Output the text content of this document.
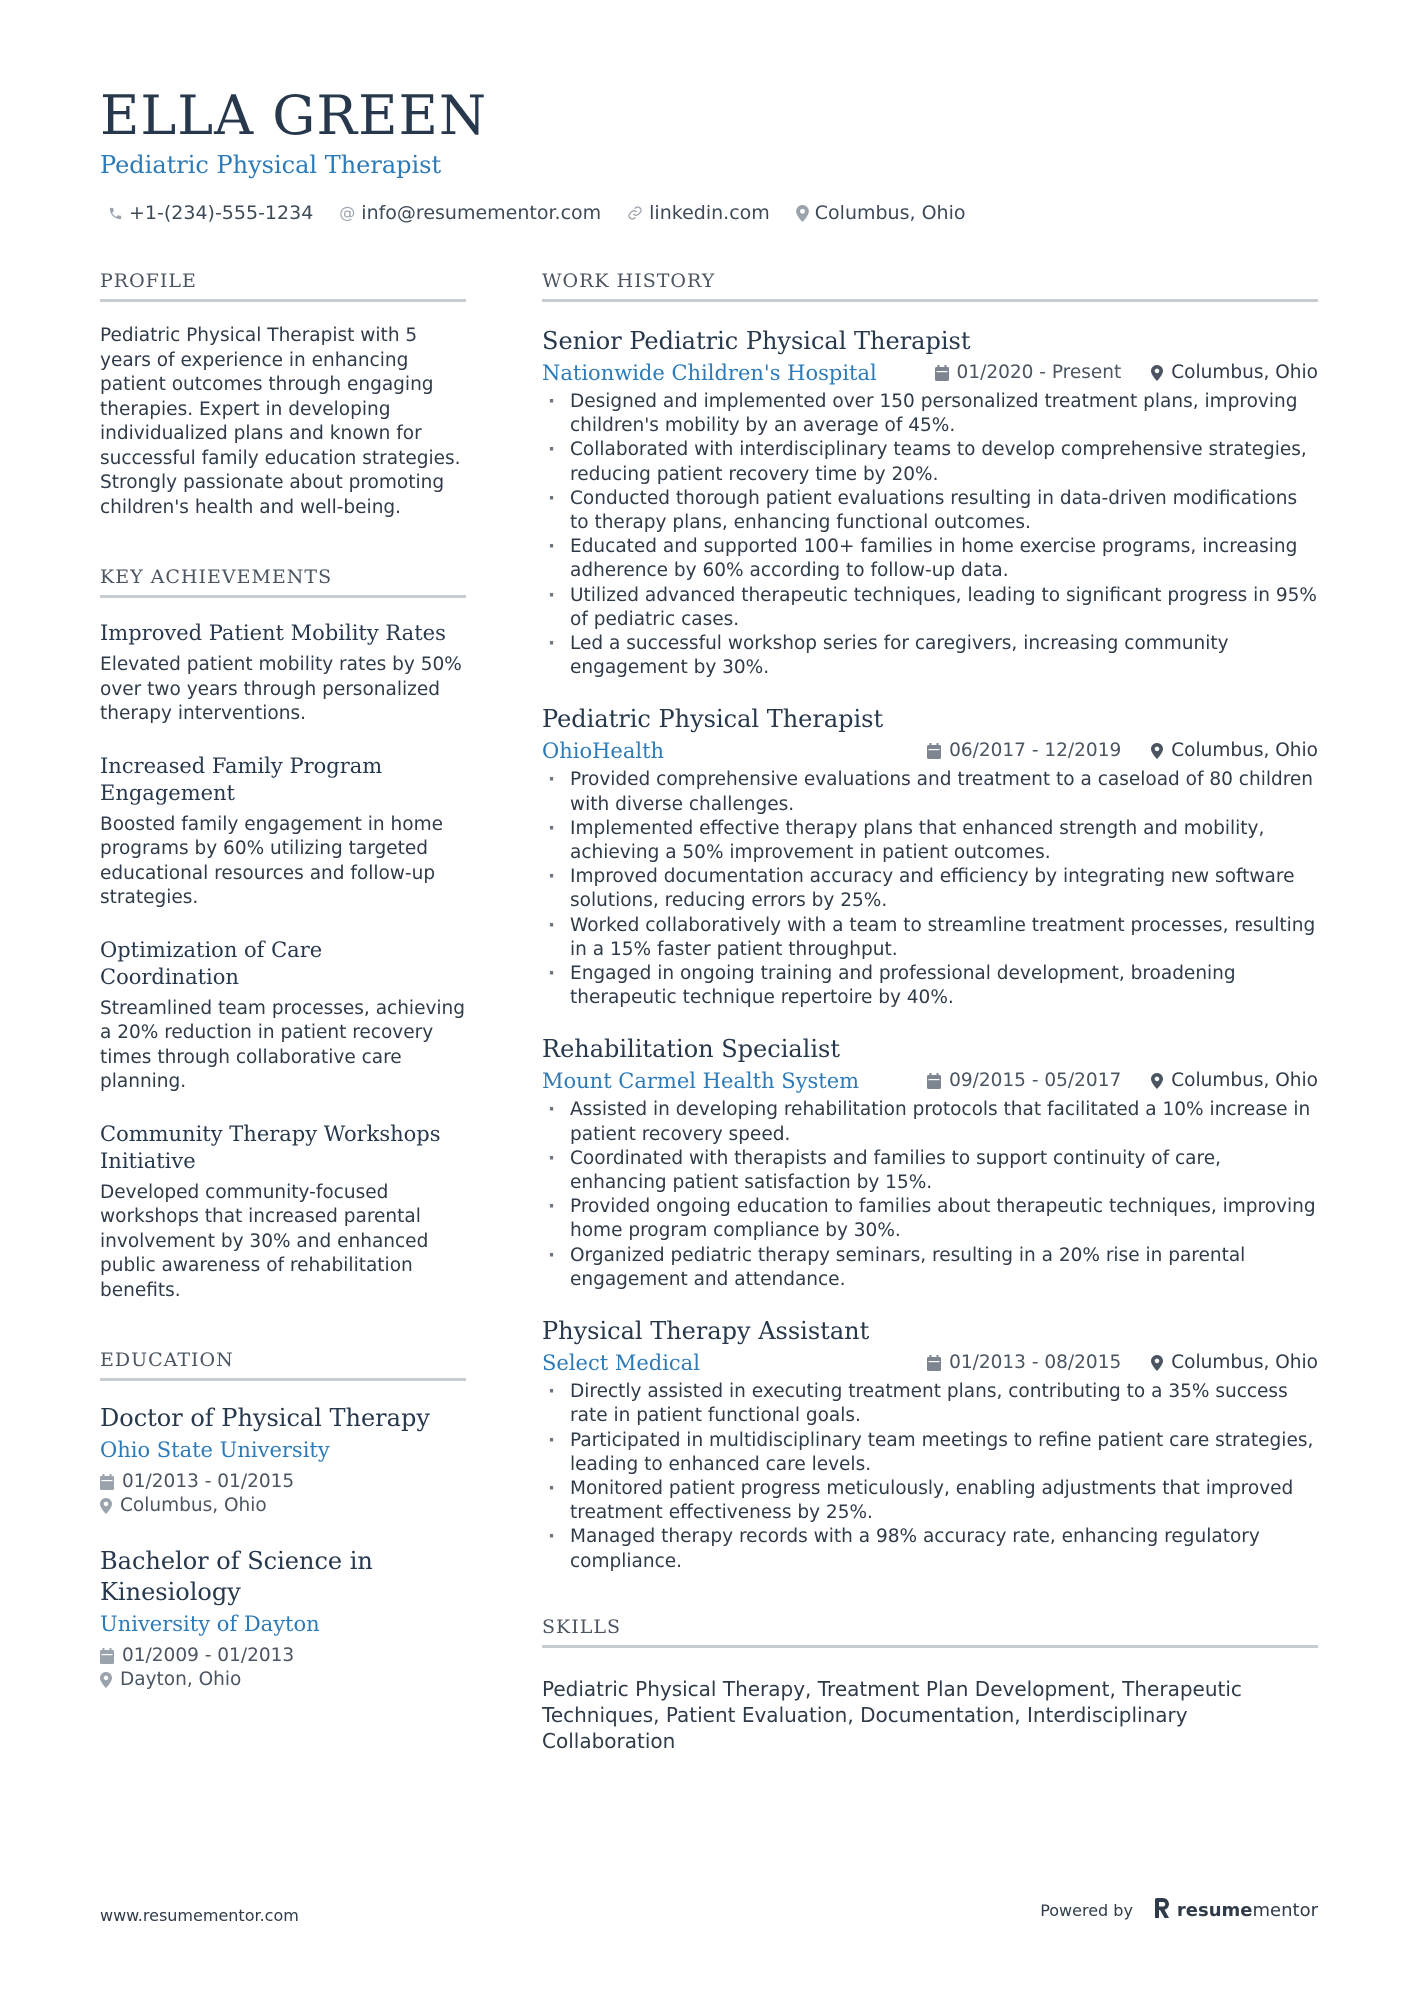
ELLA GREEN
Pediatric Physical Therapist
+1-(234)-555-1234 @ info@resumementor.com	linkedin.com Columbus, Ohio
PROFILE

Pediatric Physical Therapist with 5 years of experience in enhancing patient outcomes through engaging therapies. Expert in developing individualized plans and known for successful family education strategies. Strongly passionate about promoting children's health and well-being.

KEY ACHIEVEMENTS
Improved Patient Mobility Rates

Elevated patient mobility rates by 50% over two years through personalized therapy interventions.

Increased Family Program Engagement

Boosted family engagement in home programs by 60% utilizing targeted educational resources and follow-up strategies.

Optimization of Care Coordination

Streamlined team processes, achieving a 20% reduction in patient recovery times through collaborative care planning.

Community Therapy Workshops Initiative

Developed community-focused workshops that increased parental involvement by 30% and enhanced public awareness of rehabilitation benefits.

EDUCATION
Doctor of Physical Therapy
Ohio State University
01/2013 - 01/2015
Columbus, Ohio
Bachelor of Science in Kinesiology
University of Dayton
01/2009 - 01/2013
Dayton, Ohio
WORK HISTORY
Senior Pediatric Physical Therapist
Nationwide Children's Hospital	01/2020 - Present	Columbus, Ohio
· Designed and implemented over 150 personalized treatment plans, improving children's mobility by an average of 45%.
· Collaborated with interdisciplinary teams to develop comprehensive strategies, reducing patient recovery time by 20%.
· Conducted thorough patient evaluations resulting in data-driven modifications to therapy plans, enhancing functional outcomes.
· Educated and supported 100+ families in home exercise programs, increasing adherence by 60% according to follow-up data.
· Utilized advanced therapeutic techniques, leading to significant progress in 95% of pediatric cases.
· Led a successful workshop series for caregivers, increasing community engagement by 30%.
Pediatric Physical Therapist
OhioHealth	06/2017 - 12/2019	Columbus, Ohio
· Provided comprehensive evaluations and treatment to a caseload of 80 children with diverse challenges.
· Implemented effective therapy plans that enhanced strength and mobility, achieving a 50% improvement in patient outcomes.
· Improved documentation accuracy and efficiency by integrating new software solutions, reducing errors by 25%.
· Worked collaboratively with a team to streamline treatment processes, resulting in a 15% faster patient throughput.
· Engaged in ongoing training and professional development, broadening therapeutic technique repertoire by 40%.
Rehabilitation Specialist
Mount Carmel Health System	09/2015 - 05/2017	Columbus, Ohio
· Assisted in developing rehabilitation protocols that facilitated a 10% increase in patient recovery speed.
· Coordinated with therapists and families to support continuity of care, enhancing patient satisfaction by 15%.
· Provided ongoing education to families about therapeutic techniques, improving home program compliance by 30%.
· Organized pediatric therapy seminars, resulting in a 20% rise in parental engagement and attendance.
Physical Therapy Assistant
Select Medical	01/2013 - 08/2015	Columbus, Ohio
· Directly assisted in executing treatment plans, contributing to a 35% success rate in patient functional goals.
· Participated in multidisciplinary team meetings to refine patient care strategies, leading to enhanced care levels.
· Monitored patient progress meticulously, enabling adjustments that improved treatment effectiveness by 25%.
· Managed therapy records with a 98% accuracy rate, enhancing regulatory compliance.
SKILLS

Pediatric Physical Therapy, Treatment Plan Development, Therapeutic Techniques, Patient Evaluation, Documentation, Interdisciplinary Collaboration

www.resumementor.com	Powered by resumementor
